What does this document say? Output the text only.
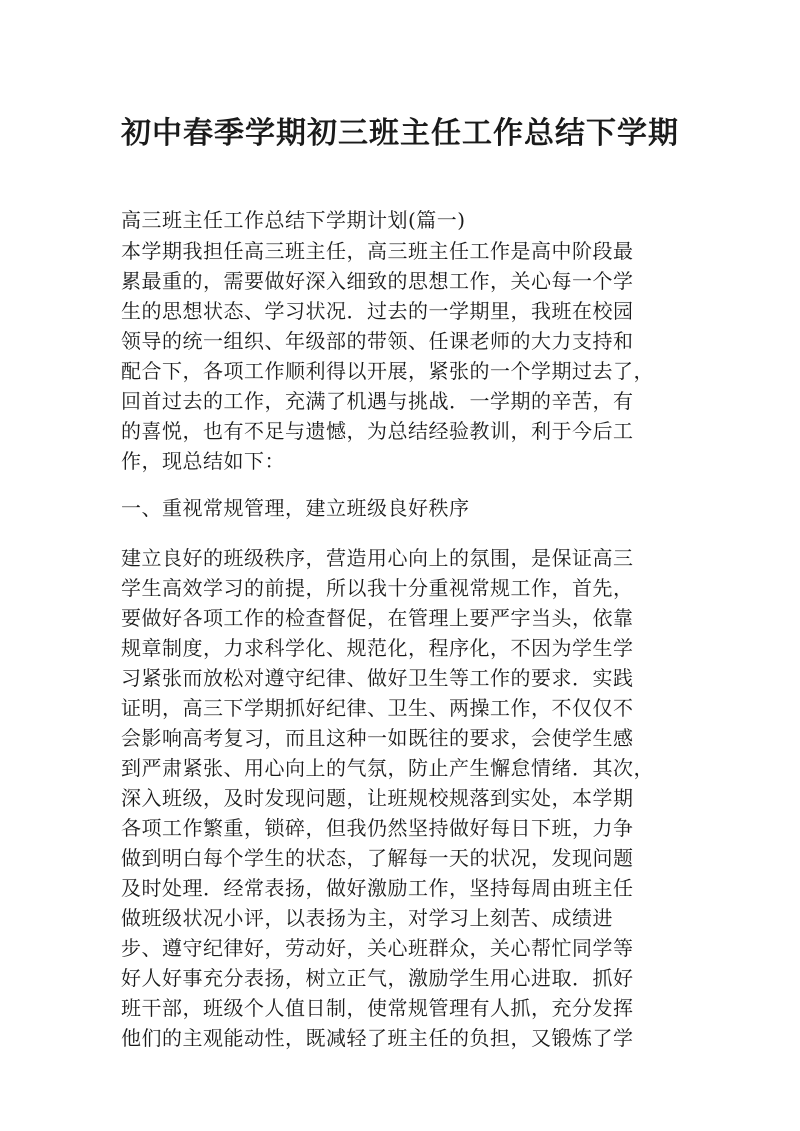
初中春季学期初三班主任工作总结下学期
高三班主任工作总结下学期计划(篇一)
本学期我担任高三班主任，高三班主任工作是高中阶段最
累最重的，需要做好深入细致的思想工作，关心每一个学
生的思想状态、学习状况．过去的一学期里，我班在校园
领导的统一组织、年级部的带领、任课老师的大力支持和
配合下，各项工作顺利得以开展，紧张的一个学期过去了，
回首过去的工作，充满了机遇与挑战．一学期的辛苦，有
的喜悦，也有不足与遗憾，为总结经验教训，利于今后工
作，现总结如下：
一、重视常规管理，建立班级良好秩序
建立良好的班级秩序，营造用心向上的氛围，是保证高三
学生高效学习的前提，所以我十分重视常规工作，首先，
要做好各项工作的检查督促，在管理上要严字当头，依靠
规章制度，力求科学化、规范化，程序化，不因为学生学
习紧张而放松对遵守纪律、做好卫生等工作的要求．实践
证明，高三下学期抓好纪律、卫生、两操工作，不仅仅不
会影响高考复习，而且这种一如既往的要求，会使学生感
到严肃紧张、用心向上的气氛，防止产生懈怠情绪．其次，
深入班级，及时发现问题，让班规校规落到实处，本学期
各项工作繁重，锁碎，但我仍然坚持做好每日下班，力争
做到明白每个学生的状态，了解每一天的状况，发现问题
及时处理．经常表扬，做好激励工作，坚持每周由班主任
做班级状况小评，以表扬为主，对学习上刻苦、成绩进
步、遵守纪律好，劳动好，关心班群众，关心帮忙同学等
好人好事充分表扬，树立正气，激励学生用心进取．抓好
班干部，班级个人值日制，使常规管理有人抓，充分发挥
他们的主观能动性，既减轻了班主任的负担，又锻炼了学
